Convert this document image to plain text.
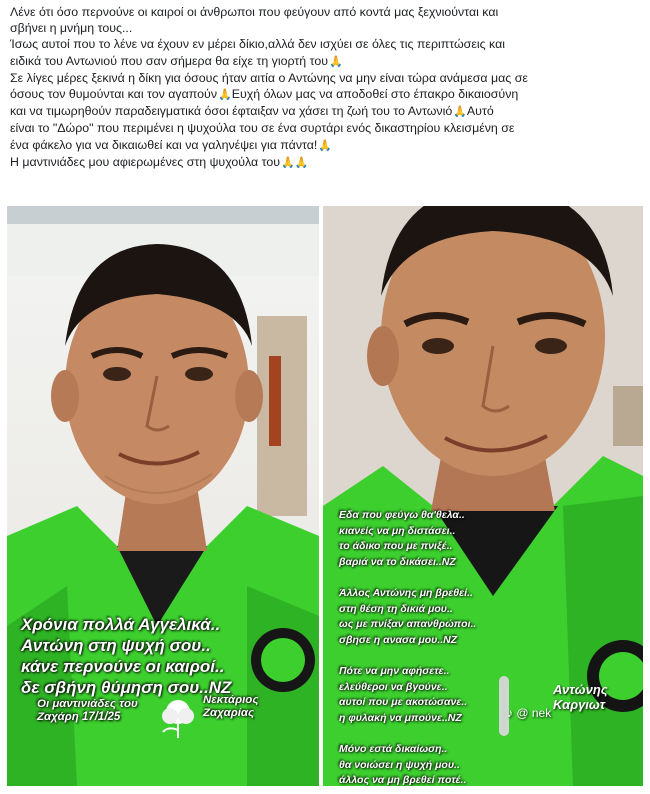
Λένε ότι όσο περνούνε οι καιροί οι άνθρωποι που φεύγουν από κοντά μας ξεχνιούνται και

σβήνει η μνήμη τους...

Ίσως αυτοί που το λένε να έχουν εν μέρει δίκιο,αλλά δεν ισχύει σε όλες τις περιπτώσεις και

ειδικά του Αντωνιού που σαν σήμερα θα είχε τη γιορτή του🙏

Σε λίγες μέρες ξεκινά η δίκη για όσους ήταν αιτία ο Αντώνης να μην είναι τώρα ανάμεσα μας σε

όσους τον θυμούνται και τον αγαπούν🙏Ευχή όλων μας να αποδοθεί στο έπακρο δικαιοσύνη

και να τιμωρηθούν παραδειγματικά όσοι έφταιξαν να χάσει τη ζωή του το Αντωνιό🙏Αυτό

είναι το "Δώρο" που περιμένει η ψυχούλα του σε ένα συρτάρι ενός δικαστηρίου κλεισμένη σε

ένα φάκελο για να δικαιωθεί και να γαληνέψει για πάντα!🙏

Η μαντινιάδες μου αφιερωμένες στη ψυχούλα του🙏🙏

Χρόνια πολλά Αγγελικά..
Αντώνη στη ψυχή σου..
κάνε περνούνε οι καιροί..
δε σβήνη θύμηση σου..NZ
Οι μαντινιάδες του
Ζαχάρη 17/1/25
Νεκτάριος
Ζαχαρίας
Εδα που φεύγω θα'θελα..
κιανείς να μη διστάσει..
το άδικο που με πνιξέ..
βαριά να το δικάσει..NZ

Άλλος Αντώνης μη βρεθεί..
στη θέση τη δικιά μου..
ως με πνίξαν απανθρώποι..
σβησε η ανασα μου..NZ

Πότε να μην αφήσετε..
ελεύθεροι να βγούνε..
αυτοί που με ακοτώσανε..
η φυλακή να μπούνε..NZ

Μόνο εστά δικαίωση..
θα νοιώσει η ψυχή μου..
άλλος να μη βρεθεί ποτέ..
Αντώνης Καργιωτ
♪ @ nek
